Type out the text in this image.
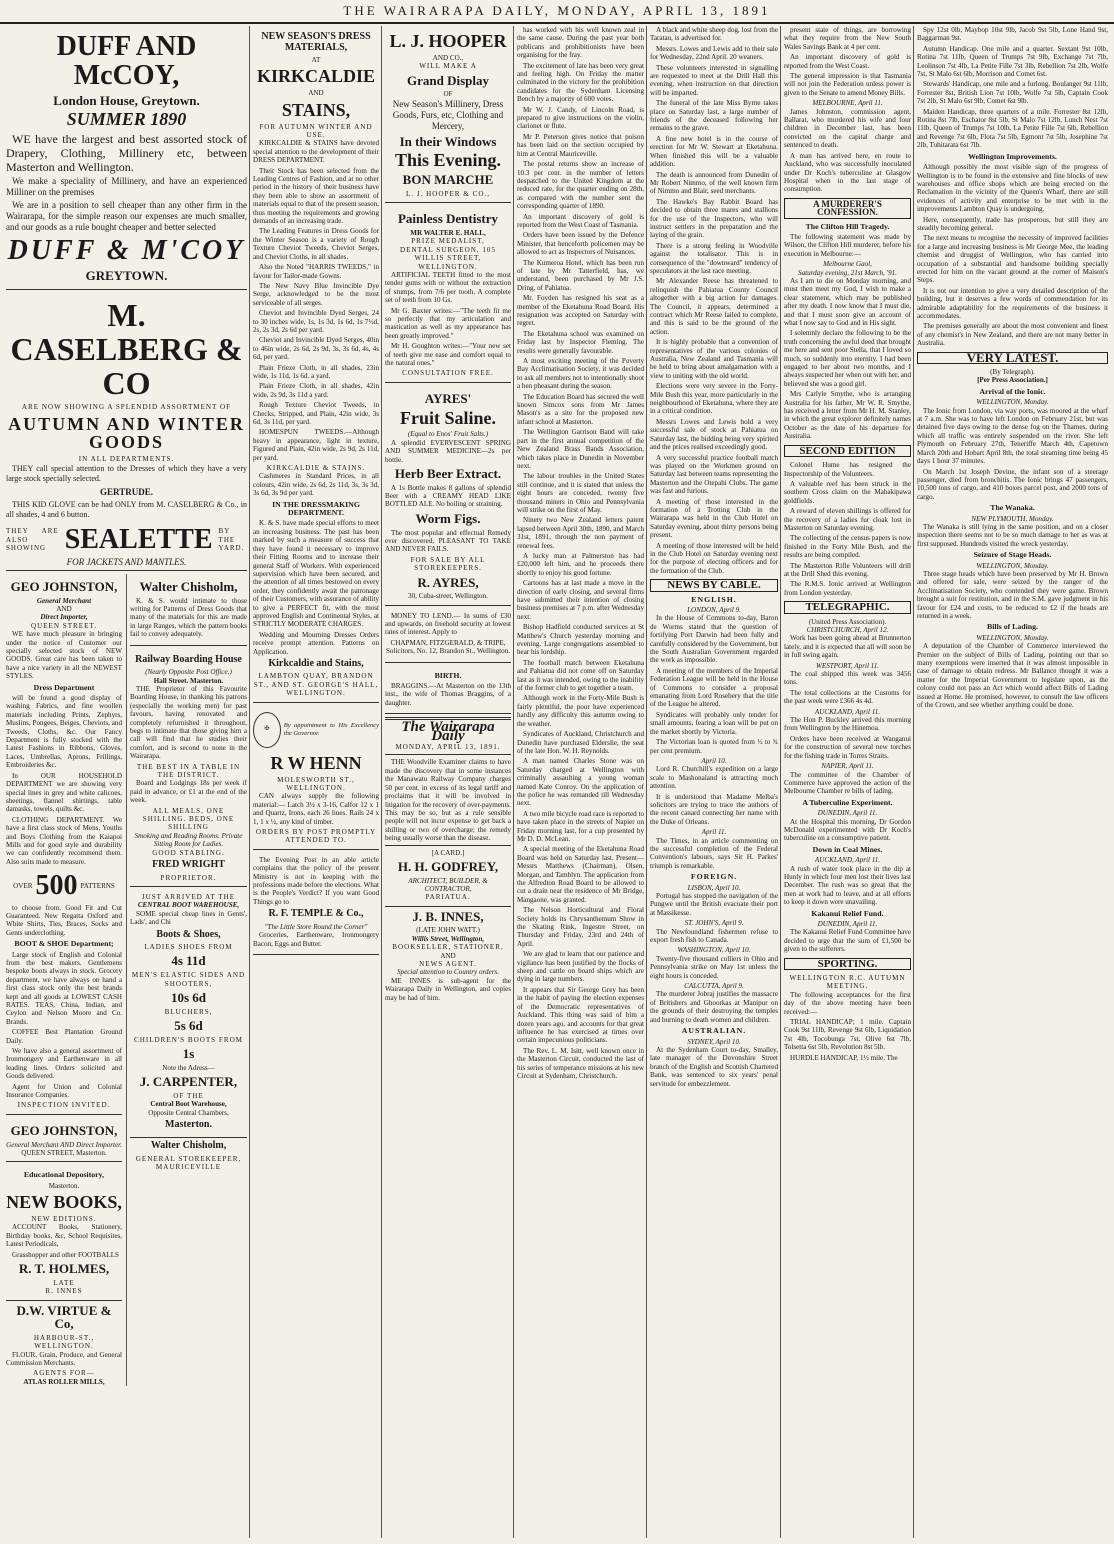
THE WAIRARAPA DAILY, MONDAY, APRIL 13, 1891
DUFF AND McCOY,
London House, Greytown.
SUMMER 1890

WE have the largest and best assorted stock of Drapery, Clothing, Millinery etc, between Masterton and Wellington.

We make a speciality of Millinery, and have an experienced Milliner on the premises

We are in a position to sell cheaper than any other firm in the Wairarapa, for the simple reason our expenses are much smaller, and our goods as a rule bought cheaper and better selected

DUFF & M'COY
GREYTOWN.
M. CASELBERG & CO
ARE NOW SHOWING A SPLENDID ASSORTMENT OF
AUTUMN AND WINTER GOODS
IN ALL DEPARTMENTS.

THEY call special attention to the Dresses of which they have a very large stock specially selected.

GERTRUDE.

THIS KID GLOVE can be had ONLY from M. CASELBERG & Co., in all shades, 4 and 6 button.

THEY ARE ALSO SHOWING SEALETTE BY THE YARD.
FOR JACKETS AND MANTLES.
GEO JOHNSTON,
General Merchant
AND
Direct Importer,
QUEEN STREET.

WE have much pleasure in bringing under the notice of Customer our specially selected stock of NEW GOODS. Great care has been taken to have a nice variety in all the NEWEST STYLES.

Dress Department

will be found a good display of washing Fabrics, and fine woollen materials including Prints, Zephyrs, Muslins, Pongees, Beiges, Cheviots, and Tweeds, Cloths, &c. Our Fancy Department is fully stocked with the Latest Fashions in Ribbons, Gloves, Laces, Umbrellas, Aprons, Frillings, Embroideries &c.

In OUR HOUSEHOLD DEPARTMENT we are showing very special lines in grey and white calicoes, sheetings, flannel shirtings, table damasks, towels, quilts &c.

CLOTHING DEPARTMENT. We have a first class stock of Mens, Youths and Boys Clothing from the Kaiapoi Mills and for good style and durability we can confidently recommend them. Also suits made to measure.

OVER 500 PATTERNS

to choose from. Good Fit and Cut Guaranteed. New Regatta Oxford and White Shirts, Ties, Braces, Socks and Gents underclothing.

BOOT & SHOE Department;

Large stock of English and Colonial from the best makers. Gentlemens bespoke boots always in stock. Grocery department, we have always on hand a first class stock only the best brands kept and all goods at LOWEST CASH RATES. TEAS, China, Indian, and Ceylon and Nelson Moore and Co. Brands.

COFFEE Best Plantation Ground Daily.

We have also a general assortment of Ironmongery and Earthenware in all leading lines. Orders solicited and Goods delivered.

Agent for Union and Colonial Insurance Companies.

INSPECTION INVITED.
GEO JOHNSTON,
General Merchant AND Direct Importer.
QUEEN STREET, Masterton.
Educational Depository,
Masterton.
NEW BOOKS,
NEW EDITIONS.

ACCOUNT Books, Stationery, Birthday books, &c, School Requisites, Latest Periodicals,

Grasshopper and other FOOTBALLS

R. T. HOLMES,
LATE
R. INNES
D.W. VIRTUE & Co,
HARBOUR-ST., WELLINGTON.

FLOUR, Grain, Produce, and General Commission Merchants.

AGENTS FOR—
ATLAS ROLLER MILLS,
Walter Chisholm,

K. & S. would intimate to those writing for Patterns of Dress Goods that many of the materials for this are made in large Ranges, which the pattern books fail to convey adequately.

Railway Boarding House
(Nearly Opposite Post Office.)
Hall Street. Masterton.

THE Proprietor of this Favourite Boarding House, in thanking his patrons (especially the working men) for past favours, having renovated and completely refurnished it throughout, begs to intimate that those giving him a call will find that he studies their comfort, and is second to none in the Wairarapa.

THE BEST IN A TABLE IN THE DISTRICT.

Board and Lodgings 18s per week if paid in advance, or £1 at the end of the week.

ALL MEALS, ONE SHILLING. BEDS, ONE SHILLING
Smoking and Reading Rooms. Private Sitting Room for Ladies.
GOOD STABLING.
FRED WRIGHT
PROPRIETOR.
JUST ARRIVED AT THE
CENTRAL BOOT WAREHOUSE,

SOME special cheap lines in Gents', Lads', and Chi

Boots & Shoes,
LADIES SHOES FROM
4s 11d
MEN'S ELASTIC SIDES AND SHOOTERS,
10s 6d
BLUCHERS,
5s 6d
CHILDREN'S BOOTS FROM
1s
Note the Adress—
J. CARPENTER,
OF THE
Central Boot Warehouse,
Opposite Central Chambers,
Masterton.
Walter Chisholm,
GENERAL STOREKEEPER,
MAURICEVILLE
NEW SEASON'S DRESS MATERIALS,
AT
KIRKCALDIE
AND
STAINS,
FOR AUTUMN WINTER AND USE.

KIRKCALDIE & STAINS have devoted special attention to the development of their DRESS DEPARTMENT.

Their Stock has been selected from the Leading Centres of Fashion, and at no other period in the history of their business have they been able to show an assortment of materials equal to that of the present season, thus meeting the requirements and growing demands of an increasing trade.

The Leading Features in Dress Goods for the Winter Season is a variety of Rough Texture Cheviot Tweeds, Cheviot Serges, and Cheviot Cloths, in all shades.

Also the Noted "HARRIS TWEEDS," in favour for Tailor-made Gowns.

The New Navy Blue Invincible Dye Serge, acknowledged to be the most serviceable of all serges.

Cheviot and Invincible Dyed Serges, 24 to 30 inches wide, 1s, 1s 3d, 1s 6d, 1s 7½d, 2s, 2s 3d, 2s 6d per yard.

Cheviot and Invincible Dyed Serges, 40in to 46in wide, 2s 6d, 2s 9d, 3s, 3s 6d, 4s, 4s 6d, per yard.

Plain Frieze Cloth, in all shades, 23in wide, 1s 11d, 1s 6d. a yard.

Plain Frieze Cloth, in all shades, 42in wide, 2s 9d, 3s 11d a yard.

Rough Texture Cheviot Tweeds, in Checks, Stripped, and Plain, 42in wide, 3s 6d, 3s 11d, per yard.

HOMESPUN TWEEDS.—Although heavy in appearance, light in texture, Figured and Plain, 42in wide, 2s 9d, 2s 11d, per yard.

KIRKCALDIE & STAINS.

Cashmeres in Standard Prices, in all colours, 42in wide, 2s 6d, 2s 11d, 3s, 3s 3d, 3s 6d, 3s 9d per yard.

IN THE DRESSMAKING DEPARTMENT.

K. & S. have made special efforts to meet an increasing business. The past has been marked by such a measure of success that they have found it necessary to improve their Fitting Rooms and to increase their general Staff of Workers. With experienced supervision which have been secured, and the attention of all times bestowed on every order, they confidently await the patronage of their Customers, with assurance of ability to give a PERFECT fit, with the most approved English and Continental Styles, at STRICTLY MODERATE CHARGES.

Wedding and Mourning Dresses Orders receive prompt attention. Patterns on Application.

Kirkcaldie and Stains,
LAMBTON QUAY, BRANDON ST., AND ST. GEORGE'S HALL,
WELLINGTON.
✠
By appointment to His Excellency the Governor.
R W HENN
MOLESWORTH ST., WELLINGTON.

CAN always supply the following material:— Latch 3½ x 3-16, Calfor 12 x 1 and Quartz, Irons, each 26 lines. Rails 24 x 1, 1 x ½, any kind of timber.

ORDERS BY POST PROMPTLY ATTENDED TO.

The Evening Post in an able article complains that the policy of the present Ministry is not in keeping with the professions made before the elections. What is the People's Verdict? If you want Good Things go to

R. F. TEMPLE & Co.,
"The Little Store Round the Corner"

Groceries, Earthenware, Ironmongery Bacon, Eggs and Butter.

L. J. HOOPER
AND CO.,
WILL MAKE A
Grand Display
OF
New Season's Millinery, Dress Goods, Furs, etc, Clothing and Mercery,
In their Windows
This Evening.
BON MARCHE
L. J. HOOPER & CO.,
Painless Dentistry
MR WALTER E. HALL,
PRIZE MEDALIST,
DENTAL SURGEON, 105 WILLIS STREET,
WELLINGTON.

ARTIFICIAL TEETH fitted to the most tender gums with or without the extraction of stumps, from 7/6 per tooth. A complete set of teeth from 10 Gs.

Mr G. Baxter writes:—"The teeth fit me so perfectly that my articulation and mastication as well as my appearance has been greatly improved."

Mr H. Goughton writes:—"Your new set of teeth give me ease and comfort equal to the natural ones."

CONSULTATION FREE.
AYRES'
Fruit Saline.
(Equal to Enos' Fruit Salts.)

A splendid EVERVESCENT SPRING AND SUMMER MEDICINE—2s per bottle.

Herb Beer Extract.

A 1s Bottle makes 8 gallons of splendid Beer with a CREAMY HEAD LIKE BOTTLED ALE. No boiling or straining.

Worm Figs.

The most popular and effectual Remedy ever discovered, PLEASANT TO TAKE AND NEVER FAILS.

FOR SALE BY ALL STOREKEEPERS.
R. AYRES,
30, Cuba-street, Wellington.

MONEY TO LEND.— In sums of £30 and upwards, on freehold security at lowest rates of interest. Apply to

CHAPMAN, FITZGERALD, & TRIPE, Solicitors, No. 12, Brandon St., Wellington.

BIRTH.

BRAGGINS.—At Masterton on the 13th inst., the wife of Thomas Braggins, of a daughter.

The Wairarapa Daily
MONDAY, APRIL 13, 1891.

THE Woodville Examiner claims to have made the discovery that in some instances the Manawatu Railway Company charges 50 per cent. in excess of its legal tariff and proclaims that it will be involved in litigation for the recovery of over-payments. This may be so, but as a rule sensible people will not incur expense to get back a shilling or two of overcharge; the remedy being usually worse than the disease.

[A CARD.]
H. H. GODFREY,
ARCHITECT, BUILDER, & CONTRACTOR,
PARIATUA.
J. B. INNES,
(LATE JOHN WATT.)
Willis Street, Wellington,
BOOKSELLER, STATIONER,
AND
NEWS AGENT.
Special attention to Country orders.

ME INNES is sub-agent for the Wairarapa Daily in Wellington, and copies may be had of him.

has worked with his well known zeal in the same cause. During the past year both publicans and prohibitionists have been organising for the fray.

The excitement of late has been very great and feeling high. On Friday the matter culminated in the victory for the prohibition candidates for the Sydenham Licensing Bench by a majority of 600 votes.

Mr W. J. Candy, of Lincoln Road, is prepared to give instructions on the violin, clarionet or flute.

Mr P. Peterson gives notice that poison has been laid on the section occupied by him at Central Mauriceville.

The postal returns show an increase of 10.3 per cent. in the number of letters despatched to the United Kingdom at the reduced rate, for the quarter ending on 28th, as compared with the number sent the corresponding quarter of 1890.

An important discovery of gold is reported from the West Coast of Tasmania.

Orders have been issued by the Defence Minister, that henceforth policemen may be allowed to act as Inspectors of Nuisances.

The Kumeroa Hotel, which has been run of late by Mr Tatterfield, has, we understand, been purchased by Mr J.S. Dring, of Pahiatua.

Mr. Foyden has resigned his seat as a member of the Eketahuna Road Board. His resignation was accepted on Saturday with regret.

The Eketahuna school was examined on Friday last by Inspector Fleming. The results were generally favourable.

A most exciting meeting of the Poverty Bay Acclimatisation Society, it was decided to ask all members not to intentionally shoot a hen pheasant during the season.

The Education Board has secured the well known Simcox sons from Mr James Mason's as a site for the proposed new infant school at Masterton.

The Wellington Garrison Band will take part in the first annual competition of the New Zealand Brass Bands Association, which takes place in Dunedin in November next.

The labour troubles in the United States still continue, and it is stated that unless the eight hours are conceded, twenty five thousand miners in Ohio and Pennsylvania will strike on the first of May.

Ninety two New Zealand letters patent lapsed between April 30th, 1890, and March 31st, 1891, through the non payment of renewal fees.

A lucky man at Palmerston has had £20,000 left him, and he proceeds there shortly to enjoy his good fortune.

Cartoons has at last made a move in the direction of early closing, and several firms have submitted their intention of closing business premises at 7 p.m. after Wednesday next.

Bishop Hadfield conducted services at St Matthew's Church yesterday morning and evening. Large congregations assembled to hear his lordship.

The football match between Eketahuna and Pahiatua did not come off on Saturday last as it was intended, owing to the inability of the former club to get together a team.

Although work in the Forty-Mile Bush is fairly plentiful, the poor have experienced hardly any difficulty this autumn owing to the weather.

Syndicates of Auckland, Christchurch and Dunedin have purchased Elderslie, the seat of the late Hon. W. H. Reynolds.

A man named Charles Stone was on Saturday charged at Wellington with criminally assaulting a young woman named Kate Conroy. On the application of the police he was remanded till Wednesday next.

A two mile bicycle road race is reported to have taken place in the streets of Napier on Friday morning last, for a cup presented by Mr D. D. McLean.

A special meeting of the Eketahuna Road Board was held on Saturday last. Present—Messrs Matthews (Chairman), Olsen, Morgan, and Tamblyn. The application from the Alfredton Road Board to be allowed to cut a drain near the residence of Mr Bridge, Mangaone, was granted.

The Nelson Horticultural and Floral Society holds its Chrysanthemum Show in the Skating Rink, Ingestre Street, on Thursday and Friday, 23rd and 24th of April.

We are glad to learn that our patience and vigilance has been justified by the flocks of sheep and cattle on board ships which are dying in large numbers.

It appears that Sir George Grey has been in the habit of paying the election expenses of the Democratic representatives of Auckland. This thing was said of him a dozen years ago, and accounts for that great influence he has exercised at times over certain impecunious politicians.

The Rev. L. M. Isitt, well known once in the Masterton Circuit, conducted the last of his series of temperance missions at his new Circuit at Sydenham, Christchurch.

A black and white sheep dog, lost from the Taratau, is advertised for.

Messrs. Lowes and Lewis add to their sale for Wednesday, 22nd April. 20 weaners.

These volunteers interested in signalling are requested to meet at the Drill Hall this evening, when instruction on that direction will be imparted.

The funeral of the late Miss Byrne takes place on Saturday last, a large number of friends of the deceased following her remains to the grave.

A fine new hotel is in the course of erection for Mr W. Stewart at Eketahuna. When finished this will be a valuable addition.

The death is announced from Dunedin of Mr Robert Nimmo, of the well known firm of Nimmo and Blair, seed merchants.

The Hawke's Bay Rabbit Board has decided to obtain three mares and stallions for the use of the Inspectors, who will instruct settlers in the preparation and the laying of the grain.

There is a strong feeling in Woodville against the totalisator. This is in consequence of the "downward" tendency of speculators at the last race meeting.

Mr Alexander Reese has threatened to relinquish the Pahiatua County Council altogether with a big action for damages. The Council, it appears, determined a contract which Mr Reese failed to complete, and this is said to be the ground of the action.

It is highly probable that a convention of representatives of the various colonies of Australia, New Zealand and Tasmania will be held to bring about amalgamation with a view to uniting with the old world.

Elections were very severe in the Forty-Mile Bush this year, more particularly in the neighbourhood of Eketahuna, where they are in a critical condition.

Messrs Lowes and Lewis hold a very successful sale of stock at Pahiatua on Saturday last, the bidding being very spirited and the prices realised exceedingly good.

A very successful practice football match was played on the Workmen ground on Saturday last between teams representing the Masterton and the Otepahi Clubs. The game was fast and furious.

A meeting of those interested in the formation of a Trotting Club in the Wairarapa was held in the Club Hotel on Saturday evening, about thirty persons being present.

A meeting of those interested will be held in the Club Hotel on Saturday evening next for the purpose of electing officers and for the formation of the Club.

NEWS BY CABLE.
ENGLISH.
LONDON, April 9.

In the House of Commons to-day, Baron de Worms stated that the question of fortifying Port Darwin had been fully and carefully considered by the Government, but the South Australian Government regarded the work as impossible.

A meeting of the members of the Imperial Federation League will be held in the House of Commons to consider a proposal emanating from Lord Rosebery that the title of the League be altered.

Syndicates will probably only tender for small amounts, fearing a loan will be put on the market shortly by Victoria.

The Victorian loan is quoted from ½ to ¾ per cent premium.

April 10.

Lord R. Churchill's expedition on a large scale to Mashonaland is attracting much attention.

It is understood that Madame Melba's solicitors are trying to trace the authors of the recent canard connecting her name with the Duke of Orleans.

April 11.

The Times, in an article commenting on the successful completion of the Federal Convention's labours, says Sir H. Parkes' triumph is remarkable.

FOREIGN.
LISBON, April 10.

Portugal has stopped the navigation of the Pungwe until the British evacuate their port at Massikesse.

ST. JOHN'S, April 9.

The Newfoundland fishermen refuse to export fresh fish to Canada.

WASHINGTON, April 10.

Twenty-five thousand colliers in Ohio and Pennsylvania strike on May 1st unless the eight hours is conceded.

CALCUTTA, April 9.

The murderer Jobraj justifies the massacre of Britishers and Ghoorkas at Manipur on the grounds of their destroying the temples and burning to death women and children.

AUSTRALIAN.
SYDNEY, April 10.

At the Sydenham Court to-day, Smalley, late manager of the Dovonshire Street branch of the English and Scottish Chartered Bank, was sentenced to six years' penal servitude for embezzlement.

present state of things, are borrowing what they require from the New South Wales Savings Bank at 4 per cent.

An important discovery of gold is reported from the West Coast.

The general impression is that Tasmania will not join the Federation unless power is given to the Senate to amend Money Bills.

MELBOURNE, April 11.

James Johnston, commission agent, Ballarat, who murdered his wife and four children in December last, has been convicted on the capital charge and sentenced to death.

A man has arrived here, en route to Auckland, who was successfully inoculated under Dr Koch's tuberculine at Glasgow Hospital when in the last stage of consumption.

A MURDERER'S CONFESSION.
The Clifton Hill Tragedy.

The following statement was made by Wilson, the Clifton Hill murderer, before his execution in Melbourne:—

Melbourne Gaol,
Saturday evening, 21st March, '91.

As I am to die on Monday morning, and must then meet my God, I wish to make a clear statement, which may be published after my death. I now know that I must die, and that I must soon give an account of what I now say to God and in His sight.

I solemnly declare the following to be the truth concerning the awful deed that brought me here and sent poor Stella, that I loved so much, so suddenly into eternity. I had been engaged to her about two months, and I always suspected her when out with her, and believed she was a good girl.

Mrs Carlyle Smythe, who is arranging Australia for his father, Mr W. R. Smythe, has received a letter from Mr H. M. Stanley, in which the great explorer definitely names October as the date of his departure for Australia.

SECOND EDITION

Colonel Hume has resigned the Inspectorship of the Volunteers.

A valuable reef has been struck in the southern Cross claim on the Mahakipawa goldfields.

A reward of eleven shillings is offered for the recovery of a ladies fur cloak lost in Masterton on Saturday evening.

The collecting of the census papers is now finished in the Forty Mile Bush, and the results are being compiled.

The Masterton Rifle Volunteers will drill at the Drill Shed this evening.

The R.M.S. Ionic arrived at Wellington from London yesterday.

TELEGRAPHIC.
(United Press Association).
CHRISTCHURCH, April 12.

Work has been going ahead at Brunnerton lately, and it is expected that all will soon be in full swing again.

WESTPORT, April 11.

The coal shipped this week was 3456 tons.

The total collections at the Customs for the past week were £366 4s 4d.

AUCKLAND, April 11.

The Hon P. Buckley arrived this morning from Wellington by the Hinemoa.

Orders have been received at Wanganui for the construction of several new torches for the fishing trade in Torres Straits.

NAPIER, April 11.

The committee of the Chamber of Commerce have approved the action of the Melbourne Chamber re bills of lading.

A Tuberculine Experiment.
DUNEDIN, April 11.

At the Hospital this morning, Dr Gordon McDonald experimented with Dr Koch's tuberculine on a consumptive patient.

Down in Coal Mines.
AUCKLAND, April 11.

A rush of water took place in the dip at Hunly in which four men lost their lives last December. The rush was so great that the men at work had to leave, and at all efforts to keep it down were unavailing.

Kakanui Relief Fund.
DUNEDIN, April 11.

The Kakanui Relief Fund Committee have decided to urge that the sum of £1,500 be given to the sufferers.

SPORTING.
WELLINGTON R.C. AUTUMN MEETING.

The following acceptances for the first day of the above meeting have been received:—

TRIAL HANDICAP; 1 mile. Captain Cook 9st 11lb, Revenge 9st 6lb, Liquidation 7st 4lb, Tocobunga 7st, Olive 6st 7lb, Tolsetta 6st 5lb, Revolution 8st 5lb.

HURDLE HANDICAP, 1½ mile. The

Spy 12st 0lb, Maybop 10st 9lb, Jacob 9st 5lb, Lone Hand 9st, Baggarman 9st.

Autumn Handicap. One mile and a quarter. Sextant 9st 10lb, Rotina 7st 11lb, Queen of Trumps 7st 9lb, Exchange 7st 7lb, Leolinson 7st 4lb, La Petite Fille 7st 3lb, Rebellion 7st 2lb, Wolfe 7st, St Malo 6st 6lb, Morrison and Comet 6st.

Stewards' Handicap, one mile and a furlong. Boulanger 9st 11lb, Forrester 8st, British Lion 7st 10lb, Wolfe 7st 5lb, Captain Cook 7st 2lb, St Malo 6st 9lb, Comet 6st 9lb.

Maiden Handicap, three quarters of a mile. Forrester 8st 12lb, Rotina 8st 7lb, Eschator 8st 5lb, St Malo 7st 12lb, Lunch Nest 7st 11lb, Queen of Trumps 7st 10lb, La Petite Fille 7st 6lb, Rebellion and Revenge 7st 6lb, Flota 7st 5lb, Egmont 7st 5lb, Josephine 7st 2lb, Tuhitarata 6st 7lb.

Wellington Improvements.

Although possibly the most visible sign of the progress of Wellington is to be found in the extensive and fine blocks of new warehouses and office shops which are being erected on the Reclamation in the vicinity of the Queen's Wharf, there are still evidences of activity and enterprise to be met with in the improvements Lambton Quay is undergoing.

Here, consequently, trade has prosperous, but still they are steadily becoming general.

The next means to recognise the necessity of improved facilities for a large and increasing business is Mr George Mee, the leading chemist and druggist of Wellington, who has carried into occupation of a substantial and handsome building specially erected for him on the vacant ground at the corner of Maison's Steps.

It is not our intention to give a very detailed description of the building, but it deserves a few words of commendation for its admirable adaptability for the requirements of the business it accommodates.

The premises generally are about the most convenient and finest of any chemist's in New Zealand, and there are not many better in Australia.

VERY LATEST.
(By Telegraph).
[Per Press Association.]
Arrival of the Ionic.
WELLINGTON, Monday.

The Ionic from London, via way ports, was moored at the wharf at 7 a.m. She was to have left London on February 21st, but was detained five days owing to the dense fog on the Thames, during which all traffic was entirely suspended on the river. She left Plymouth on February 27th, Teneriffe March 4th, Capetown March 20th and Hobart April 8th, the total steaming time being 45 days 1 hour 37 minutes.

On March 1st Joseph Devine, the infant son of a steerage passenger, died from bronchitis. The Ionic brings 47 passengers, 10,500 tons of cargo, and 410 boxes parcel post, and 2000 tons of cargo.

The Wanaka.
NEW PLYMOUTH, Monday.

The Wanaka is still lying in the same position, and on a closer inspection there seems not to be so much damage to her as was at first supposed. Hundreds visited the wreck yesterday.

Seizure of Stage Heads.
WELLINGTON, Monday.

Three stage heads which have been preserved by Mr H. Brown and offered for sale, were seized by the ranger of the Acclimatisation Society, who contended they were game. Brown brought a suit for restitution, and in the S.M. gave judgment in his favour for £24 and costs, to be reduced to £2 if the heads are returned in a week.

Bills of Lading.
WELLINGTON, Monday.

A deputation of the Chamber of Commerce interviewed the Premier on the subject of Bills of Lading, pointing out that so many exemptions were inserted that it was almost impossible in case of damage to obtain redress. Mr Ballance thought it was a matter for the Imperial Government to legislate upon, as the colony could not pass an Act which would affect Bills of Lading issued at Home. He promised, however, to consult the law officers of the Crown, and see whether anything could be done.
